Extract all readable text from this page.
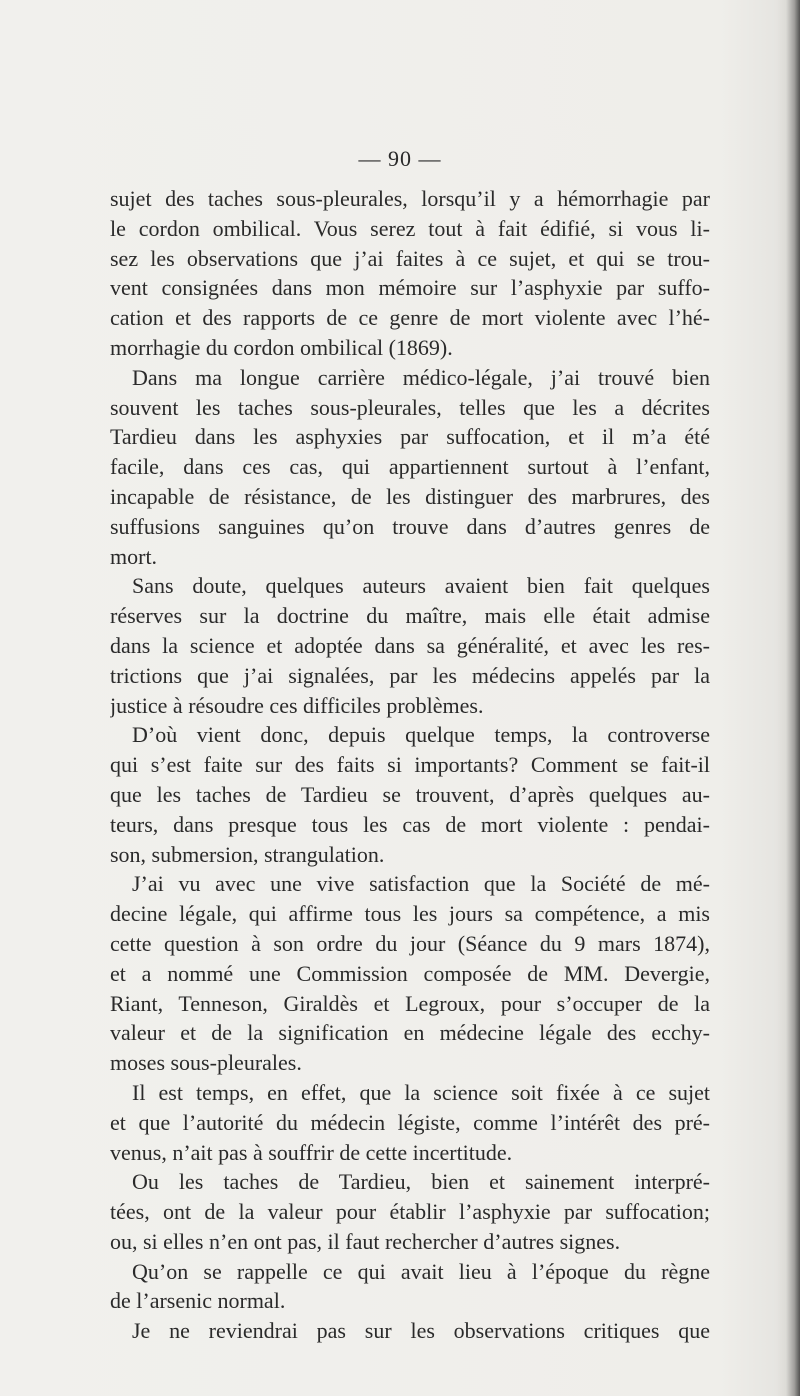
— 90 —
sujet des taches sous-pleurales, lorsqu’il y a hémorrhagie par
le cordon ombilical. Vous serez tout à fait édifié, si vous li-
sez les observations que j’ai faites à ce sujet, et qui se trou-
vent consignées dans mon mémoire sur l’asphyxie par suffo-
cation et des rapports de ce genre de mort violente avec l’hé-
morrhagie du cordon ombilical (1869).
Dans ma longue carrière médico-légale, j’ai trouvé bien
souvent les taches sous-pleurales, telles que les a décrites
Tardieu dans les asphyxies par suffocation, et il m’a été
facile, dans ces cas, qui appartiennent surtout à l’enfant,
incapable de résistance, de les distinguer des marbrures, des
suffusions sanguines qu’on trouve dans d’autres genres de
mort.
Sans doute, quelques auteurs avaient bien fait quelques
réserves sur la doctrine du maître, mais elle était admise
dans la science et adoptée dans sa généralité, et avec les res-
trictions que j’ai signalées, par les médecins appelés par la
justice à résoudre ces difficiles problèmes.
D’où vient donc, depuis quelque temps, la controverse
qui s’est faite sur des faits si importants? Comment se fait-il
que les taches de Tardieu se trouvent, d’après quelques au-
teurs, dans presque tous les cas de mort violente : pendai-
son, submersion, strangulation.
J’ai vu avec une vive satisfaction que la Société de mé-
decine légale, qui affirme tous les jours sa compétence, a mis
cette question à son ordre du jour (Séance du 9 mars 1874),
et a nommé une Commission composée de MM. Devergie,
Riant, Tenneson, Giraldès et Legroux, pour s’occuper de la
valeur et de la signification en médecine légale des ecchy-
moses sous-pleurales.
Il est temps, en effet, que la science soit fixée à ce sujet
et que l’autorité du médecin légiste, comme l’intérêt des pré-
venus, n’ait pas à souffrir de cette incertitude.
Ou les taches de Tardieu, bien et sainement interpré-
tées, ont de la valeur pour établir l’asphyxie par suffocation;
ou, si elles n’en ont pas, il faut rechercher d’autres signes.
Qu’on se rappelle ce qui avait lieu à l’époque du règne
de l’arsenic normal.
Je ne reviendrai pas sur les observations critiques que
